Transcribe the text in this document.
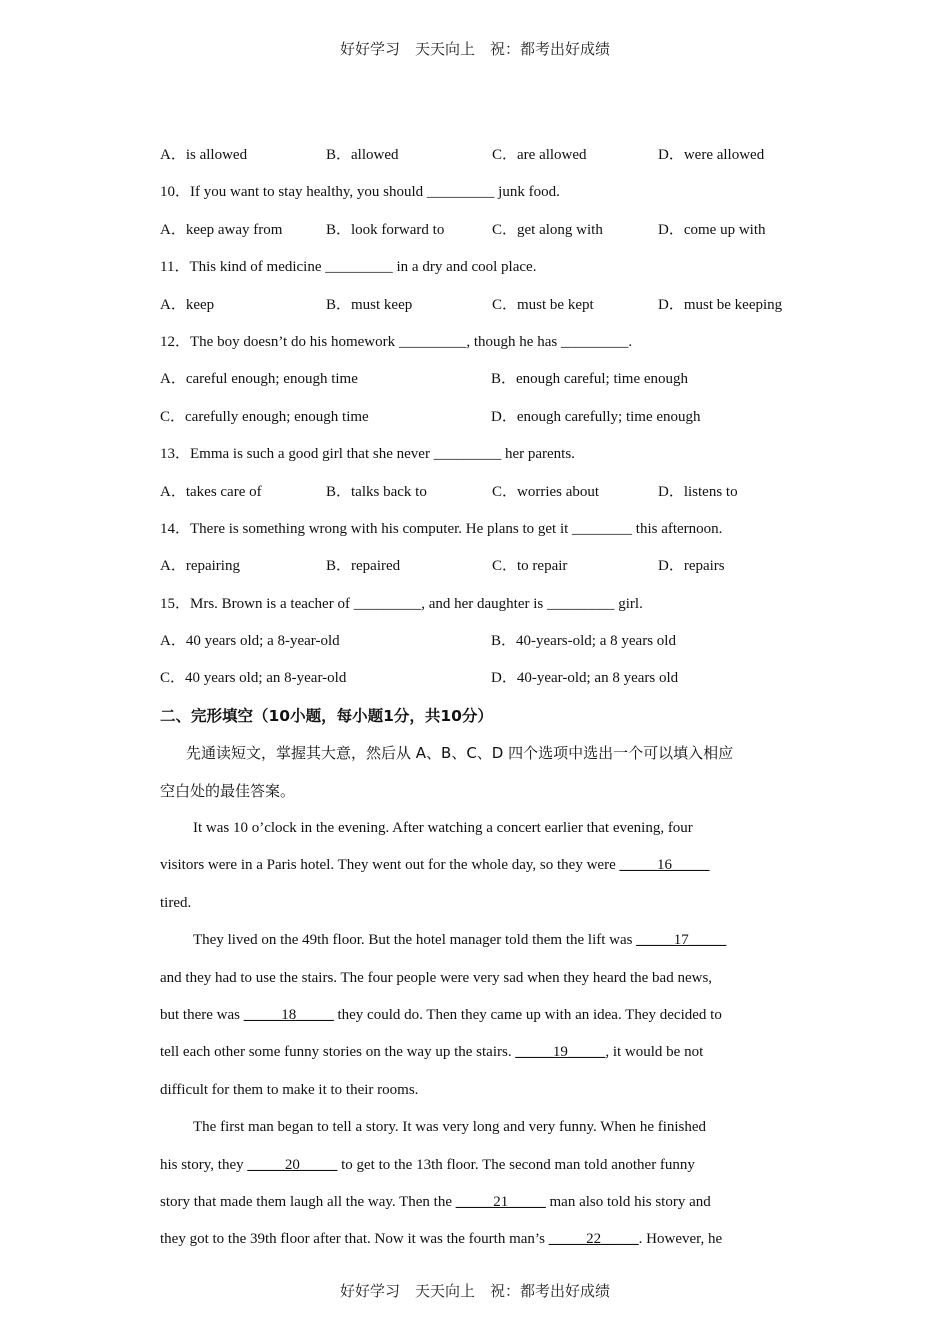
好好学习　天天向上　祝：都考出好成绩
A．is allowed	B．allowed	C．are allowed	D．were allowed
10．If you want to stay healthy, you should _________ junk food.
A．keep away from	B．look forward to	C．get along with	D．come up with
11．This kind of medicine _________ in a dry and cool place.
A．keep	B．must keep	C．must be kept	D．must be keeping
12．The boy doesn’t do his homework _________, though he has _________.
A．careful enough; enough time	B．enough careful; time enough
C．carefully enough; enough time	D．enough carefully; time enough
13．Emma is such a good girl that she never _________ her parents.
A．takes care of	B．talks back to	C．worries about	D．listens to
14．There is something wrong with his computer. He plans to get it ________ this afternoon.
A．repairing	B．repaired	C．to repair	D．repairs
15．Mrs. Brown is a teacher of _________, and her daughter is _________ girl.
A．40 years old; a 8-year-old	B．40-years-old; a 8 years old
C．40 years old; an 8-year-old	D．40-year-old; an 8 years old
二、完形填空（10小题，每小题1分，共10分）
先通读短文，掌握其大意，然后从 A、B、C、D 四个选项中选出一个可以填入相应
空白处的最佳答案。
It was 10 o’clock in the evening. After watching a concert earlier that evening, four
visitors were in a Paris hotel. They went out for the whole day, so they were _____16_____
tired.
They lived on the 49th floor. But the hotel manager told them the lift was _____17_____
and they had to use the stairs. The four people were very sad when they heard the bad news,
but there was _____18_____ they could do. Then they came up with an idea. They decided to
tell each other some funny stories on the way up the stairs. _____19_____, it would be not
difficult for them to make it to their rooms.
The first man began to tell a story. It was very long and very funny. When he finished
his story, they _____20_____ to get to the 13th floor. The second man told another funny
story that made them laugh all the way. Then the _____21_____ man also told his story and
they got to the 39th floor after that. Now it was the fourth man’s _____22_____. However, he
好好学习　天天向上　祝：都考出好成绩
